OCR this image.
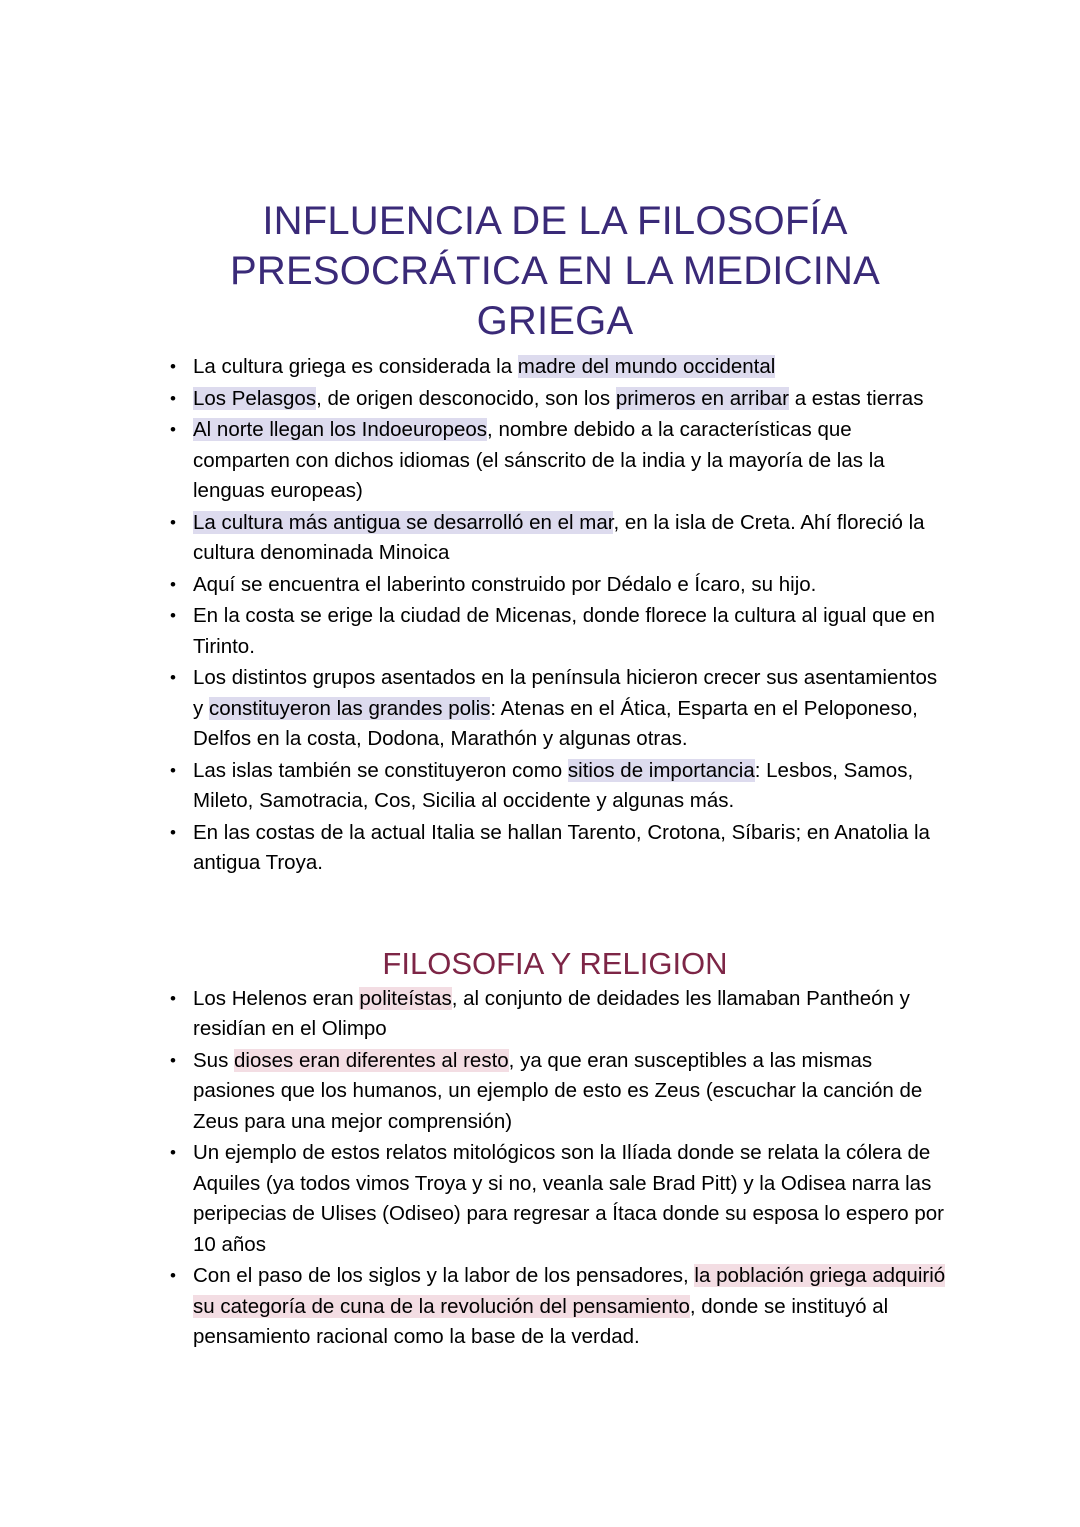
INFLUENCIA DE LA FILOSOFÍA PRESOCRÁTICA EN LA MEDICINA GRIEGA
• La cultura griega es considerada la madre del mundo occidental
• Los Pelasgos, de origen desconocido, son los primeros en arribar a estas tierras
• Al norte llegan los Indoeuropeos, nombre debido a la características que comparten con dichos idiomas (el sánscrito de la india y la mayoría de las la lenguas europeas)
• La cultura más antigua se desarrolló en el mar, en la isla de Creta. Ahí floreció la cultura denominada Minoica
• Aquí se encuentra el laberinto construido por Dédalo e Ícaro, su hijo.
• En la costa se erige la ciudad de Micenas, donde florece la cultura al igual que en Tirinto.
• Los distintos grupos asentados en la península hicieron crecer sus asentamientos y constituyeron las grandes polis: Atenas en el Ática, Esparta en el Peloponeso, Delfos en la costa, Dodona, Marathón y algunas otras.
• Las islas también se constituyeron como sitios de importancia: Lesbos, Samos, Mileto, Samotracia, Cos, Sicilia al occidente y algunas más.
• En las costas de la actual Italia se hallan Tarento, Crotona, Síbaris; en Anatolia la antigua Troya.
FILOSOFIA Y RELIGION
• Los Helenos eran politeístas, al conjunto de deidades les llamaban Pantheón y residían en el Olimpo
• Sus dioses eran diferentes al resto, ya que eran susceptibles a las mismas pasiones que los humanos, un ejemplo de esto es Zeus (escuchar la canción de Zeus para una mejor comprensión)
• Un ejemplo de estos relatos mitológicos son la Ilíada donde se relata la cólera de Aquiles (ya todos vimos Troya y si no, veanla sale Brad Pitt) y la Odisea narra las peripecias de Ulises (Odiseo) para regresar a Ítaca donde su esposa lo espero por 10 años
• Con el paso de los siglos y la labor de los pensadores, la población griega adquirió su categoría de cuna de la revolución del pensamiento, donde se instituyó al pensamiento racional como la base de la verdad.
